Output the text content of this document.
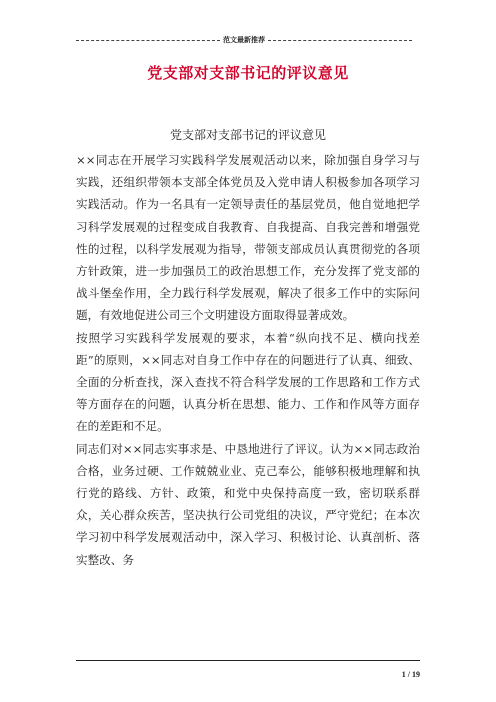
范文最新推荐
党支部对支部书记的评议意见
党支部对支部书记的评议意见

××同志在开展学习实践科学发展观活动以来，除加强自身学习与实践，还组织带领本支部全体党员及入党申请人积极参加各项学习实践活动。作为一名具有一定领导责任的基层党员，他自觉地把学习科学发展观的过程变成自我教育、自我提高、自我完善和增强党性的过程，以科学发展观为指导，带领支部成员认真贯彻党的各项方针政策，进一步加强员工的政治思想工作，充分发挥了党支部的战斗堡垒作用，全力践行科学发展观，解决了很多工作中的实际问题，有效地促进公司三个文明建设方面取得显著成效。

按照学习实践科学发展观的要求，本着“纵向找不足、横向找差距”的原则，××同志对自身工作中存在的问题进行了认真、细致、全面的分析查找，深入查找不符合科学发展的工作思路和工作方式等方面存在的问题，认真分析在思想、能力、工作和作风等方面存在的差距和不足。

同志们对××同志实事求是、中恳地进行了评议。认为××同志政治合格，业务过硬、工作兢兢业业、克己奉公，能够积极地理解和执行党的路线、方针、政策，和党中央保持高度一致，密切联系群众，关心群众疾苦，坚决执行公司党组的决议，严守党纪；在本次学习初中科学发展观活动中，深入学习、积极讨论、认真剖析、落实整改、务

1 / 19
